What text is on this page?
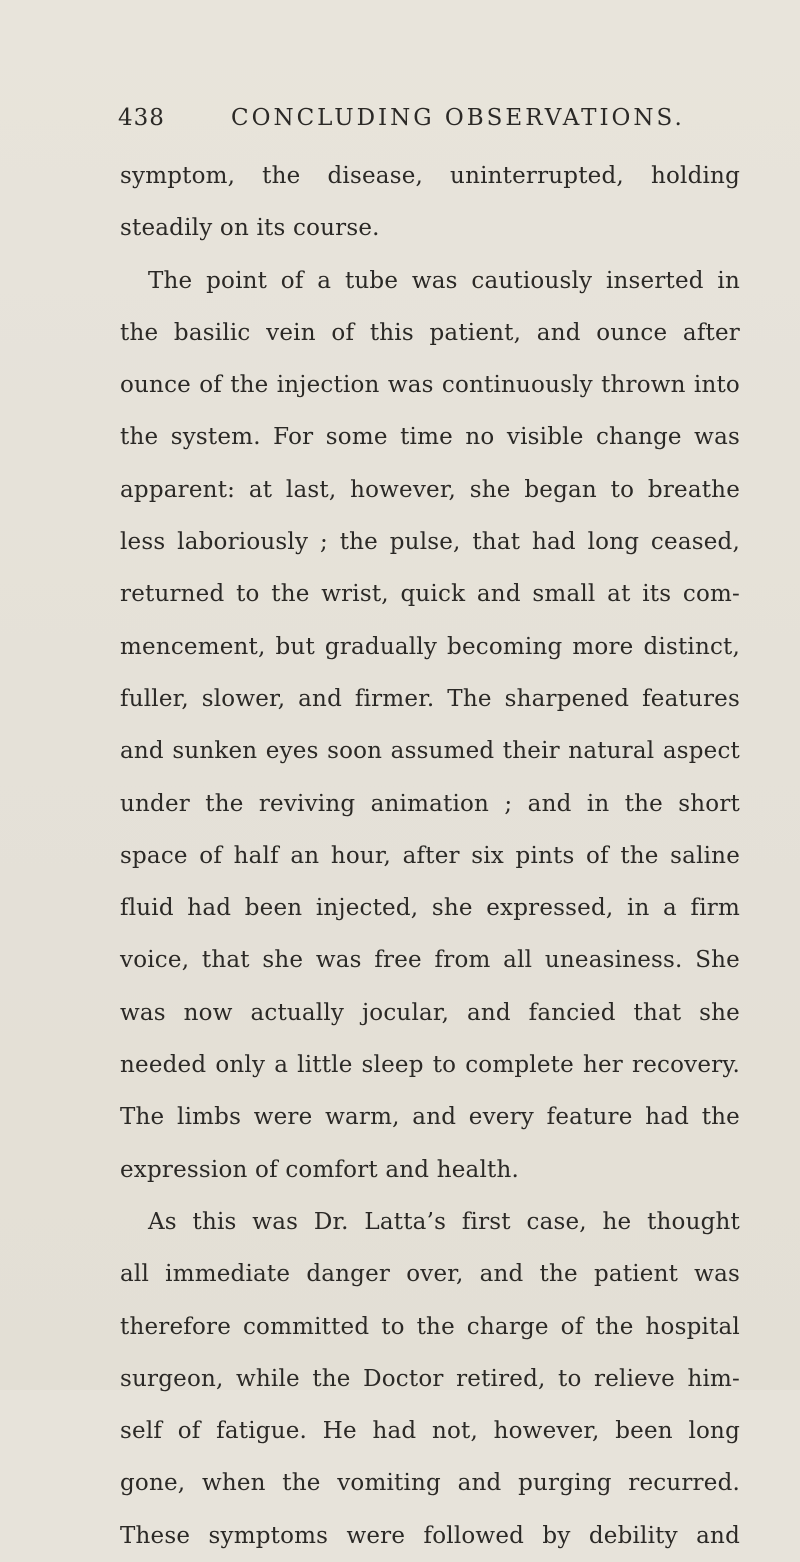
438	CONCLUDING OBSERVATIONS.
symptom, the disease, uninterrupted, holding
steadily on its course.
The point of a tube was cautiously inserted in
the basilic vein of this patient, and ounce after
ounce of the injection was continuously thrown into
the system. For some time no visible change was
apparent: at last, however, she began to breathe
less laboriously ; the pulse, that had long ceased,
returned to the wrist, quick and small at its com-
mencement, but gradually becoming more distinct,
fuller, slower, and firmer. The sharpened features
and sunken eyes soon assumed their natural aspect
under the reviving animation ; and in the short
space of half an hour, after six pints of the saline
fluid had been injected, she expressed, in a firm
voice, that she was free from all uneasiness. She
was now actually jocular, and fancied that she
needed only a little sleep to complete her recovery.
The limbs were warm, and every feature had the
expression of comfort and health.
As this was Dr. Latta’s first case, he thought
all immediate danger over, and the patient was
therefore committed to the charge of the hospital
surgeon, while the Doctor retired, to relieve him-
self of fatigue. He had not, however, been long
gone, when the vomiting and purging recurred.
These symptoms were followed by debility and
